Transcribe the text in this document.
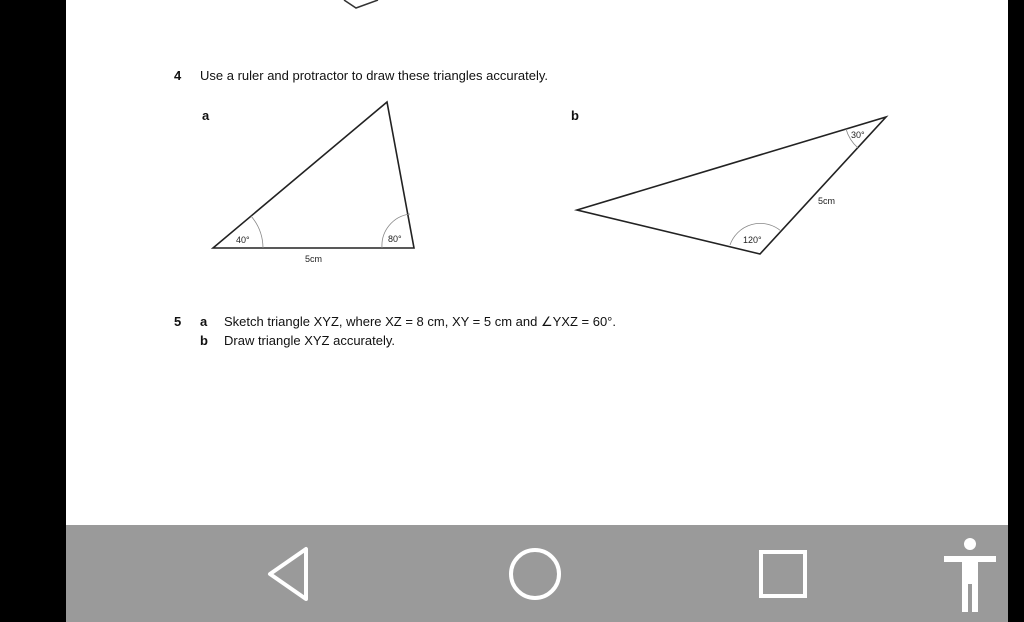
4 Use a ruler and protractor to draw these triangles accurately.
a	b
40°	80°
5cm
30°
120°
5cm
5 a Sketch triangle XYZ, where XZ = 8 cm, XY = 5 cm and ∠YXZ = 60°.
b Draw triangle XYZ accurately.
